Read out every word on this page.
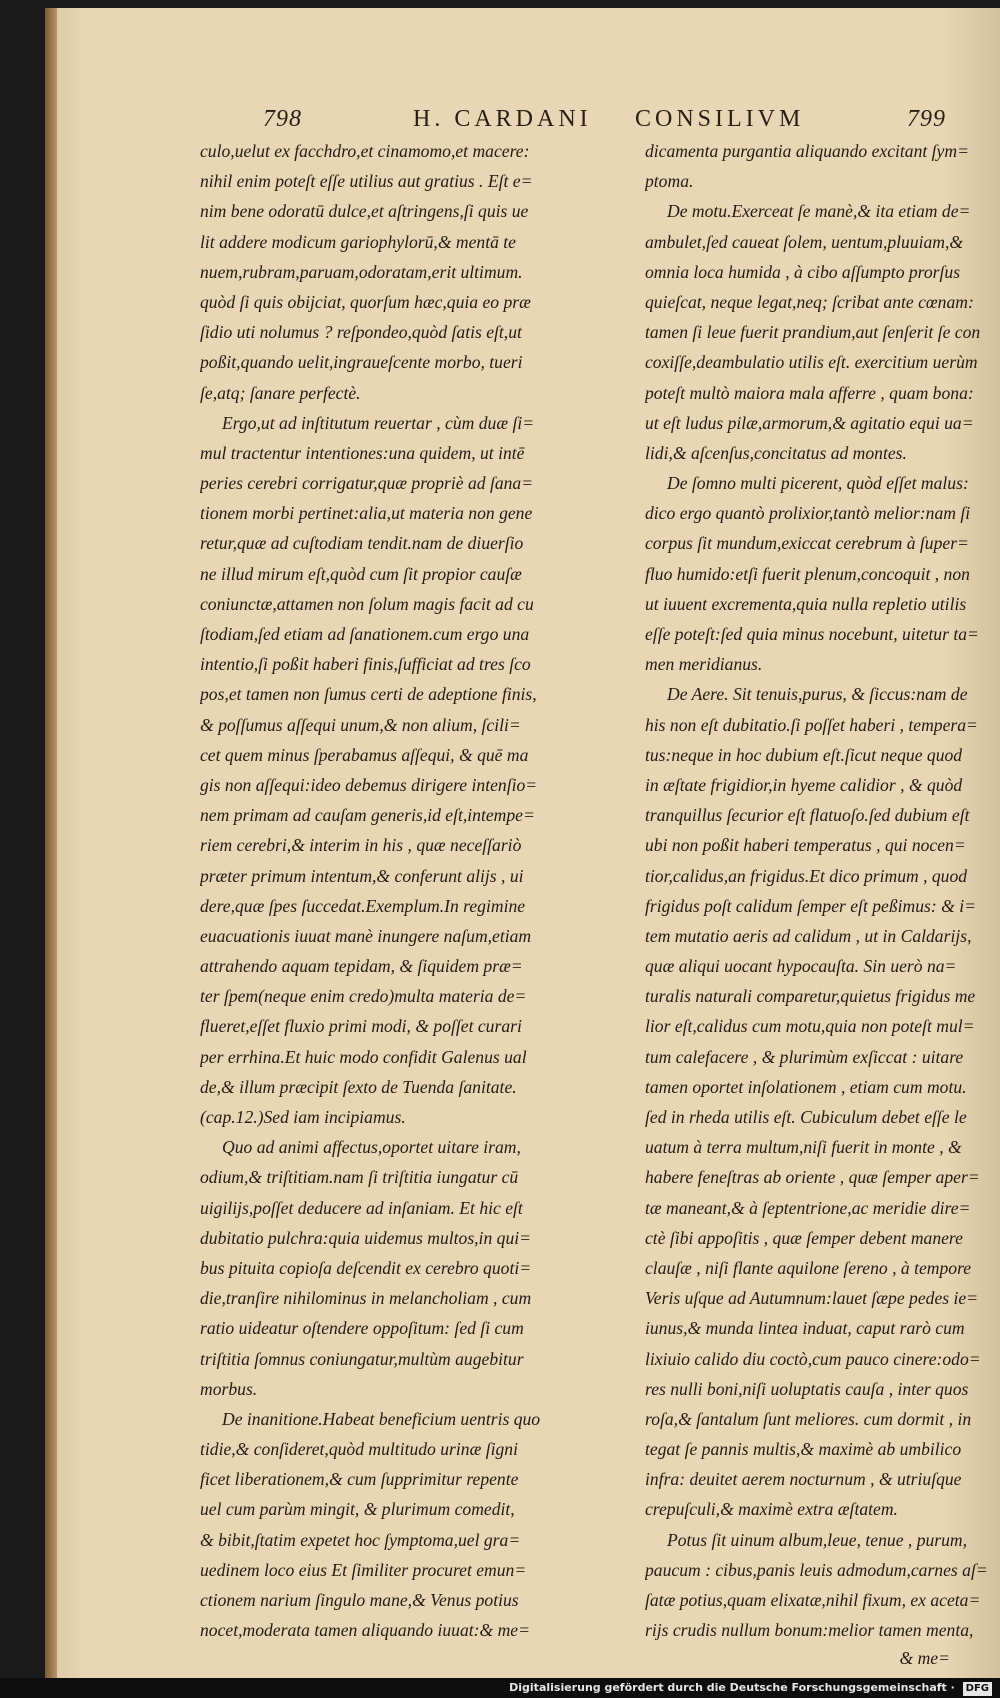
798	H. CARDANI CONSILIVM	799
culo,uelut ex facchdro,et cinamomo,et macere:
nihil enim poteſt eſſe utilius aut gratius . Eſt e=
nim bene odoratū dulce,et aſtringens,ſi quis ue
lit addere modicum gariophylorū,& mentā te
nuem,rubram,paruam,odoratam,erit ultimum.
quòd ſi quis obijciat, quorſum hæc,quia eo præ
ſidio uti nolumus ? reſpondeo,quòd ſatis eſt,ut
poßit,quando uelit,ingraueſcente morbo, tueri
ſe,atq; ſanare perfectè.
Ergo,ut ad inſtitutum reuertar , cùm duæ ſi=
mul tractentur intentiones:una quidem, ut intē
peries cerebri corrigatur,quæ propriè ad ſana=
tionem morbi pertinet:alia,ut materia non gene
retur,quæ ad cuſtodiam tendit.nam de diuerſio
ne illud mirum eſt,quòd cum ſit propior cauſæ
coniunctæ,attamen non ſolum magis facit ad cu
ſtodiam,ſed etiam ad ſanationem.cum ergo una
intentio,ſi poßit haberi finis,ſufficiat ad tres ſco
pos,et tamen non ſumus certi de adeptione finis,
& poſſumus aſſequi unum,& non alium, ſcili=
cet quem minus ſperabamus aſſequi, & quē ma
gis non aſſequi:ideo debemus dirigere intenſio=
nem primam ad cauſam generis,id eſt,intempe=
riem cerebri,& interim in his , quæ neceſſariò
præter primum intentum,& conferunt alijs , ui
dere,quæ ſpes ſuccedat.Exemplum.In regimine
euacuationis iuuat manè inungere naſum,etiam
attrahendo aquam tepidam, & ſiquidem præ=
ter ſpem(neque enim credo)multa materia de=
flueret,eſſet fluxio primi modi, & poſſet curari
per errhina.Et huic modo confidit Galenus ual
de,& illum præcipit ſexto de Tuenda ſanitate.
(cap.12.)Sed iam incipiamus.
Quo ad animi affectus,oportet uitare iram,
odium,& triſtitiam.nam ſi triſtitia iungatur cū
uigilijs,poſſet deducere ad inſaniam. Et hic eſt
dubitatio pulchra:quia uidemus multos,in qui=
bus pituita copioſa deſcendit ex cerebro quoti=
die,tranſire nihilominus in melancholiam , cum
ratio uideatur oſtendere oppoſitum: ſed ſi cum
triſtitia ſomnus coniungatur,multùm augebitur
morbus.
De inanitione.Habeat beneficium uentris quo
tidie,& conſideret,quòd multitudo urinæ ſigni
ficet liberationem,& cum ſupprimitur repente
uel cum parùm mingit, & plurimum comedit,
& bibit,ſtatim expetet hoc ſymptoma,uel gra=
uedinem loco eius Et ſimiliter procuret emun=
ctionem narium ſingulo mane,& Venus potius
nocet,moderata tamen aliquando iuuat:& me=
dicamenta purgantia aliquando excitant ſym=
ptoma.
De motu.Exerceat ſe manè,& ita etiam de=
ambulet,ſed caueat ſolem, uentum,pluuiam,&
omnia loca humida , à cibo aſſumpto prorſus
quieſcat, neque legat,neq; ſcribat ante cœnam:
tamen ſi leue fuerit prandium,aut ſenſerit ſe con
coxiſſe,deambulatio utilis eſt. exercitium uerùm
poteſt multò maiora mala afferre , quam bona:
ut eſt ludus pilæ,armorum,& agitatio equi ua=
lidi,& aſcenſus,concitatus ad montes.
De ſomno multi picerent, quòd eſſet malus:
dico ergo quantò prolixior,tantò melior:nam ſi
corpus ſit mundum,exiccat cerebrum à ſuper=
fluo humido:etſi fuerit plenum,concoquit , non
ut iuuent excrementa,quia nulla repletio utilis
eſſe poteſt:ſed quia minus nocebunt, uitetur ta=
men meridianus.
De Aere. Sit tenuis,purus, & ſiccus:nam de
his non eſt dubitatio.ſi poſſet haberi , tempera=
tus:neque in hoc dubium eſt.ſicut neque quod
in æſtate frigidior,in hyeme calidior , & quòd
tranquillus ſecurior eſt flatuoſo.ſed dubium eſt
ubi non poßit haberi temperatus , qui nocen=
tior,calidus,an frigidus.Et dico primum , quod
frigidus poſt calidum ſemper eſt peßimus: & i=
tem mutatio aeris ad calidum , ut in Caldarijs,
quæ aliqui uocant hypocauſta. Sin uerò na=
turalis naturali comparetur,quietus frigidus me
lior eſt,calidus cum motu,quia non poteſt mul=
tum calefacere , & plurimùm exſiccat : uitare
tamen oportet inſolationem , etiam cum motu.
ſed in rheda utilis eſt. Cubiculum debet eſſe le
uatum à terra multum,niſi fuerit in monte , &
habere feneſtras ab oriente , quæ ſemper aper=
tæ maneant,& à ſeptentrione,ac meridie dire=
ctè ſibi appoſitis , quæ ſemper debent manere
clauſæ , niſi flante aquilone ſereno , à tempore
Veris uſque ad Autumnum:lauet ſæpe pedes ie=
iunus,& munda lintea induat, caput rarò cum
lixiuio calido diu coctò,cum pauco cinere:odo=
res nulli boni,niſi uoluptatis cauſa , inter quos
roſa,& ſantalum ſunt meliores. cum dormit , in
tegat ſe pannis multis,& maximè ab umbilico
infra: deuitet aerem nocturnum , & utriuſque
crepuſculi,& maximè extra æſtatem.
Potus ſit uinum album,leue, tenue , purum,
paucum : cibus,panis leuis admodum,carnes aſ=
ſatæ potius,quam elixatæ,nihil fixum, ex aceta=
rijs crudis nullum bonum:melior tamen menta,
& me=
Digitalisierung gefördert durch die Deutsche Forschungsgemeinschaft · DFG
